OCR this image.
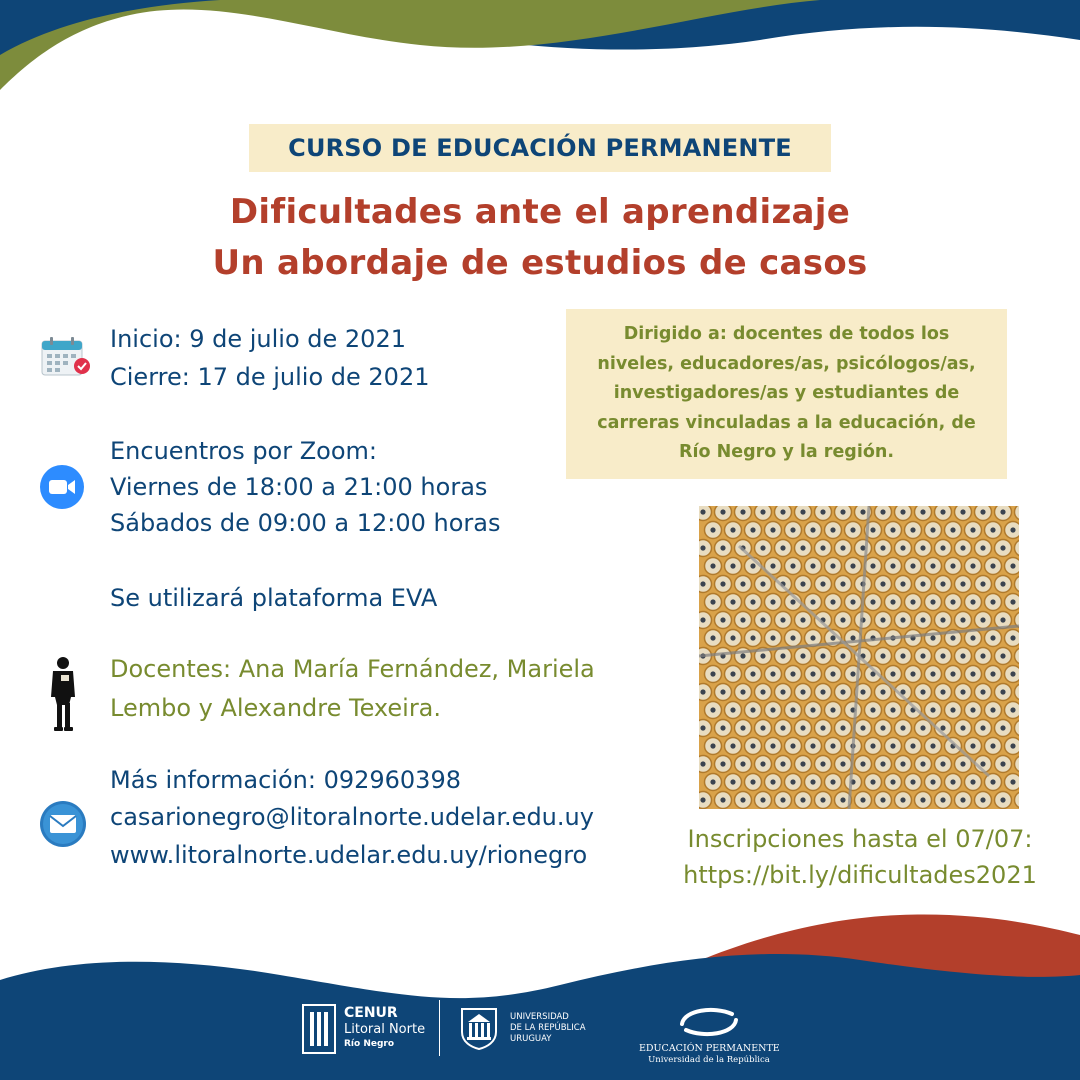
CURSO DE EDUCACIÓN PERMANENTE
Dificultades ante el aprendizaje
Un abordaje de estudios de casos
Inicio: 9 de julio de 2021
Cierre: 17 de julio de 2021
Encuentros por Zoom:
Viernes de 18:00 a 21:00 horas
Sábados de 09:00 a 12:00 horas
Se utilizará plataforma EVA
Docentes: Ana María Fernández, Mariela
Lembo y Alexandre Texeira.
Más información: 092960398
casarionegro@litoralnorte.udelar.edu.uy
www.litoralnorte.udelar.edu.uy/rionegro
Dirigido a: docentes de todos los
niveles, educadores/as, psicólogos/as,
investigadores/as y estudiantes de
carreras vinculadas a la educación, de
Río Negro y la región.
Inscripciones hasta el 07/07:
https://bit.ly/dificultades2021
CENUR
Litoral Norte
Río Negro
UNIVERSIDAD
DE LA REPÚBLICA
URUGUAY
EDUCACIÓN PERMANENTE
Universidad de la República
